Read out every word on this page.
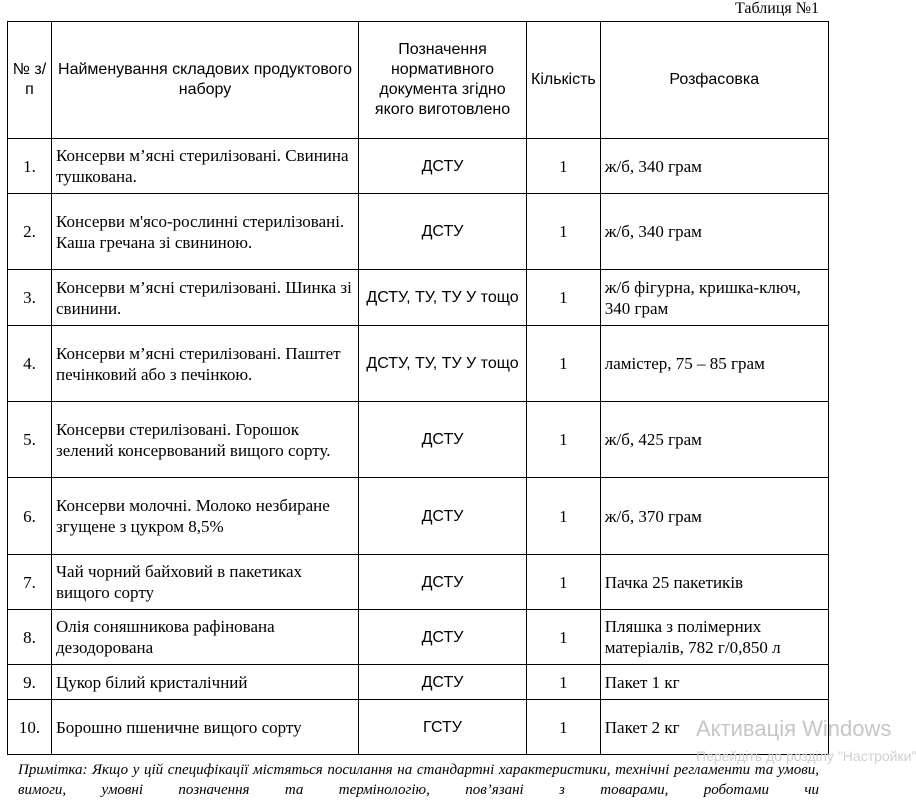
Таблиця №1
№ з/п	Найменування складових продуктового набору	Позначення нормативного документа згідно якого виготовлено	Кількість	Розфасовка
1.	Консерви м’ясні стерилізовані. Свинина тушкована.	ДСТУ	1	ж/б, 340 грам
2.	Консерви м'ясо-рослинні стерилізовані. Каша гречана зі свининою.	ДСТУ	1	ж/б, 340 грам
3.	Консерви м’ясні стерилізовані. Шинка зі свинини.	ДСТУ, ТУ, ТУ У тощо	1	ж/б фігурна, кришка-ключ, 340 грам
4.	Консерви м’ясні стерилізовані. Паштет печінковий або з печінкою.	ДСТУ, ТУ, ТУ У тощо	1	ламістер, 75 – 85 грам
5.	Консерви стерилізовані. Горошок зелений консервований вищого сорту.	ДСТУ	1	ж/б, 425 грам
6.	Консерви молочні. Молоко незбиране згущене з цукром 8,5%	ДСТУ	1	ж/б, 370 грам
7.	Чай чорний байховий в пакетиках вищого сорту	ДСТУ	1	Пачка 25 пакетиків
8.	Олія соняшникова рафінована дезодорована	ДСТУ	1	Пляшка з полімерних матеріалів, 782 г/0,850 л
9.	Цукор білий кристалічний	ДСТУ	1	Пакет 1 кг
10.	Борошно пшеничне вищого сорту	ГСТУ	1	Пакет 2 кг
Примітка: Якщо у цій специфікації містяться посилання на стандартні характеристики, технічні регламенти та умови, вимоги, умовні позначення та термінологію, пов’язані з товарами, роботами чи
Активація Windows
Перейдіть до розділу "Настройки"
